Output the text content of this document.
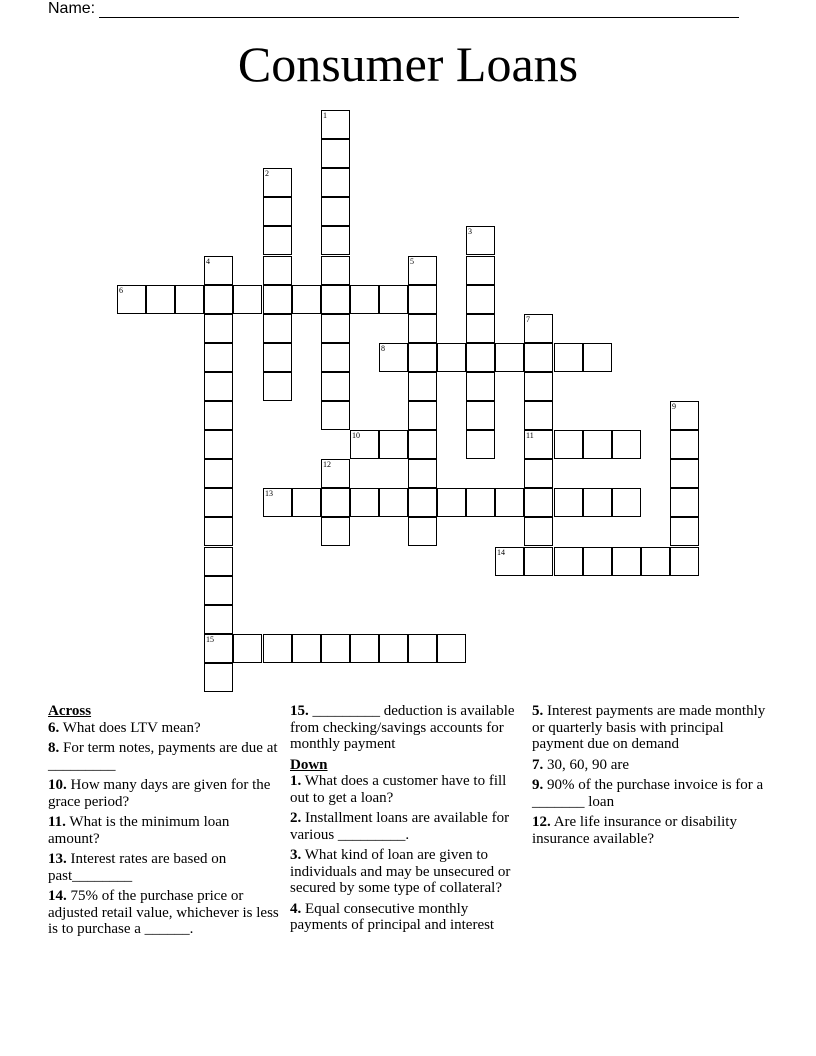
Name:
Consumer Loans
6
8
10	11
13
14
15
1
2
3
4	5
7
9
12
Across
6. What does LTV mean?
8. For term notes, payments are due at _________
10. How many days are given for the grace period?
11. What is the minimum loan amount?
13. Interest rates are based on past________
14. 75% of the purchase price or adjusted retail value, whichever is less is to purchase a ______.
15. _________ deduction is available from checking/savings accounts for monthly payment
Down
1. What does a customer have to fill out to get a loan?
2. Installment loans are available for various _________.
3. What kind of loan are given to individuals and may be unsecured or secured by some type of collateral?
4. Equal consecutive monthly payments of principal and interest
5. Interest payments are made monthly or quarterly basis with principal payment due on demand
7. 30, 60, 90 are
9. 90% of the purchase invoice is for a _______ loan
12. Are life insurance or disability insurance available?
